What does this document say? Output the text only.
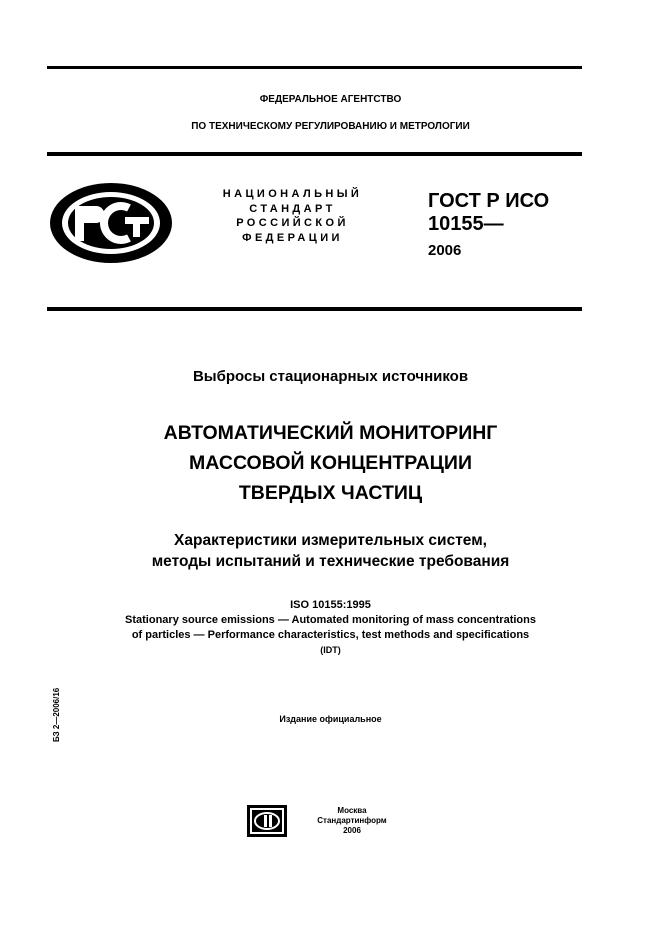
ФЕДЕРАЛЬНОЕ АГЕНТСТВО
ПО ТЕХНИЧЕСКОМУ РЕГУЛИРОВАНИЮ И МЕТРОЛОГИИ
НАЦИОНАЛЬНЫЙ
СТАНДАРТ
РОССИЙСКОЙ
ФЕДЕРАЦИИ
ГОСТ Р ИСО
10155—
2006
Выбросы стационарных источников
АВТОМАТИЧЕСКИЙ МОНИТОРИНГ
МАССОВОЙ КОНЦЕНТРАЦИИ
ТВЕРДЫХ ЧАСТИЦ
Характеристики измерительных систем,
методы испытаний и технические требования
ISO 10155:1995
Stationary source emissions — Automated monitoring of mass concentrations
of particles — Performance characteristics, test methods and specifications
(IDT)
Издание официальное
БЗ 2—2006/16
Москва
Стандартинформ
2006
